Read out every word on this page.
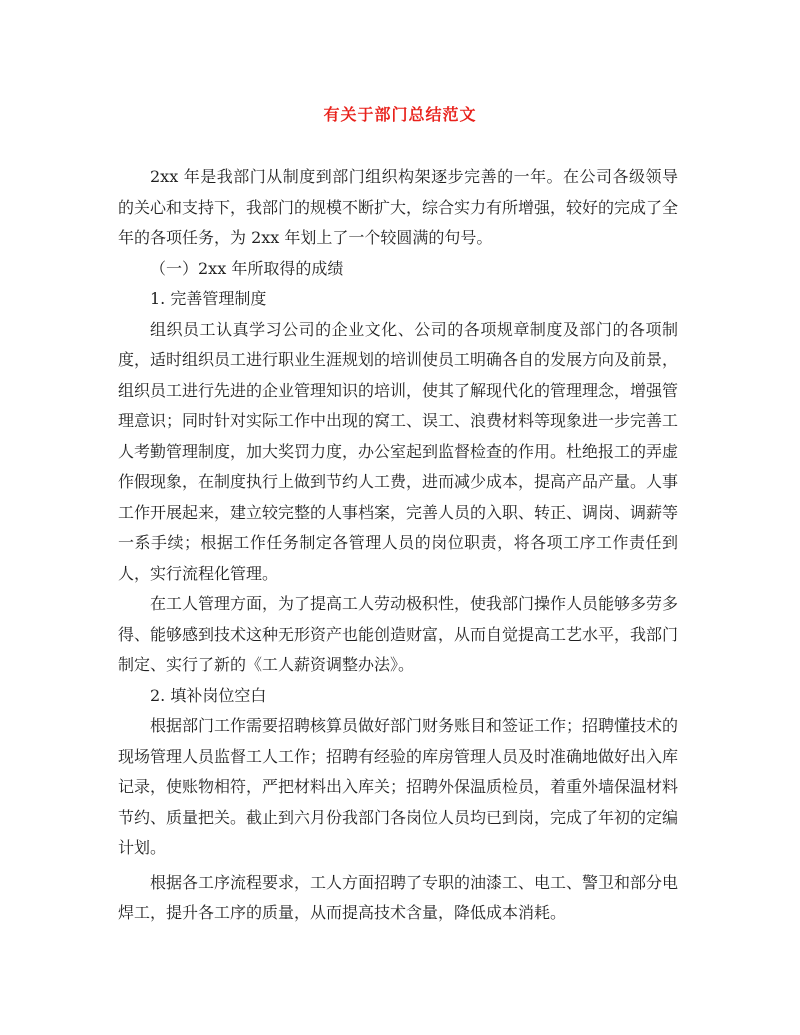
有关于部门总结范文

2xx 年是我部门从制度到部门组织构架逐步完善的一年。在公司各级领导的关心和支持下，我部门的规模不断扩大，综合实力有所增强，较好的完成了全年的各项任务，为 2xx 年划上了一个较圆满的句号。

（一）2xx 年所取得的成绩

1. 完善管理制度

组织员工认真学习公司的企业文化、公司的各项规章制度及部门的各项制度，适时组织员工进行职业生涯规划的培训使员工明确各自的发展方向及前景，组织员工进行先进的企业管理知识的培训，使其了解现代化的管理理念，增强管理意识；同时针对实际工作中出现的窝工、误工、浪费材料等现象进一步完善工人考勤管理制度，加大奖罚力度，办公室起到监督检查的作用。杜绝报工的弄虚作假现象，在制度执行上做到节约人工费，进而减少成本，提高产品产量。人事工作开展起来，建立较完整的人事档案，完善人员的入职、转正、调岗、调薪等一系手续；根据工作任务制定各管理人员的岗位职责，将各项工序工作责任到人，实行流程化管理。

在工人管理方面，为了提高工人劳动极积性，使我部门操作人员能够多劳多得、能够感到技术这种无形资产也能创造财富，从而自觉提高工艺水平，我部门制定、实行了新的《工人薪资调整办法》。

2. 填补岗位空白

根据部门工作需要招聘核算员做好部门财务账目和签证工作；招聘懂技术的现场管理人员监督工人工作；招聘有经验的库房管理人员及时准确地做好出入库记录，使账物相符，严把材料出入库关；招聘外保温质检员，着重外墙保温材料节约、质量把关。截止到六月份我部门各岗位人员均已到岗，完成了年初的定编计划。

根据各工序流程要求，工人方面招聘了专职的油漆工、电工、警卫和部分电焊工，提升各工序的质量，从而提高技术含量，降低成本消耗。
